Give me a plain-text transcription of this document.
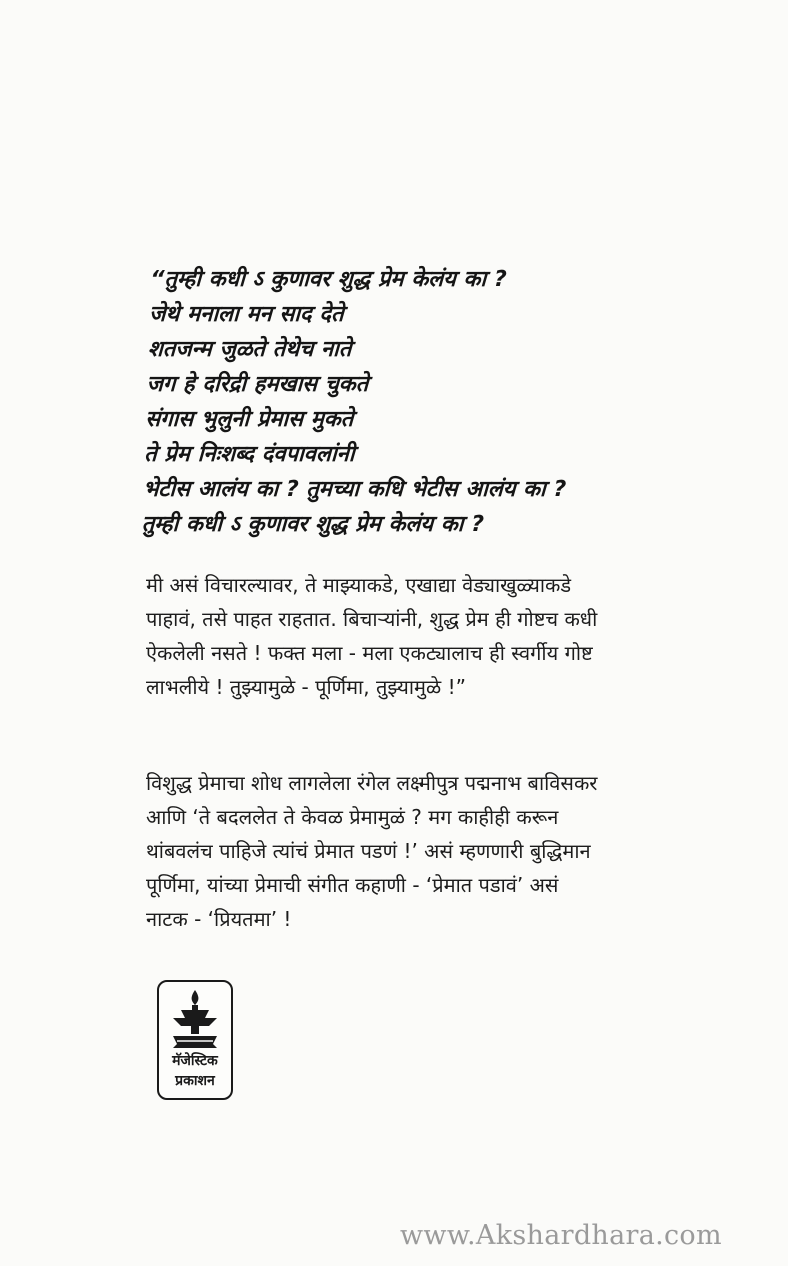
“तुम्ही कधी ऽ कुणावर शुद्ध प्रेम केलंय का ?
जेथे मनाला मन साद देते
शतजन्म जुळते तेथेच नाते
जग हे दरिद्री हमखास चुकते
संगास भुलुनी प्रेमास मुकते
ते प्रेम निःशब्द दंवपावलांनी
भेटीस आलंय का ? तुमच्या कधि भेटीस आलंय का ?
तुम्ही कधी ऽ कुणावर शुद्ध प्रेम केलंय का ?
मी असं विचारल्यावर, ते माझ्याकडे, एखाद्या वेड्याखुळ्याकडे
पाहावं, तसे पाहत राहतात. बिचाऱ्यांनी, शुद्ध प्रेम ही गोष्टच कधी
ऐकलेली नसते ! फक्त मला - मला एकट्यालाच ही स्वर्गीय गोष्ट
लाभलीये ! तुझ्यामुळे - पूर्णिमा, तुझ्यामुळे !”
विशुद्ध प्रेमाचा शोध लागलेला रंगेल लक्ष्मीपुत्र पद्मनाभ बाविसकर
आणि ‘ते बदललेत ते केवळ प्रेमामुळं ? मग काहीही करून
थांबवलंच पाहिजे त्यांचं प्रेमात पडणं !’ असं म्हणणारी बुद्धिमान
पूर्णिमा, यांच्या प्रेमाची संगीत कहाणी - ‘प्रेमात पडावं’ असं
नाटक - ‘प्रियतमा’ !
मॅजेस्टिक
प्रकाशन
www.Akshardhara.com
